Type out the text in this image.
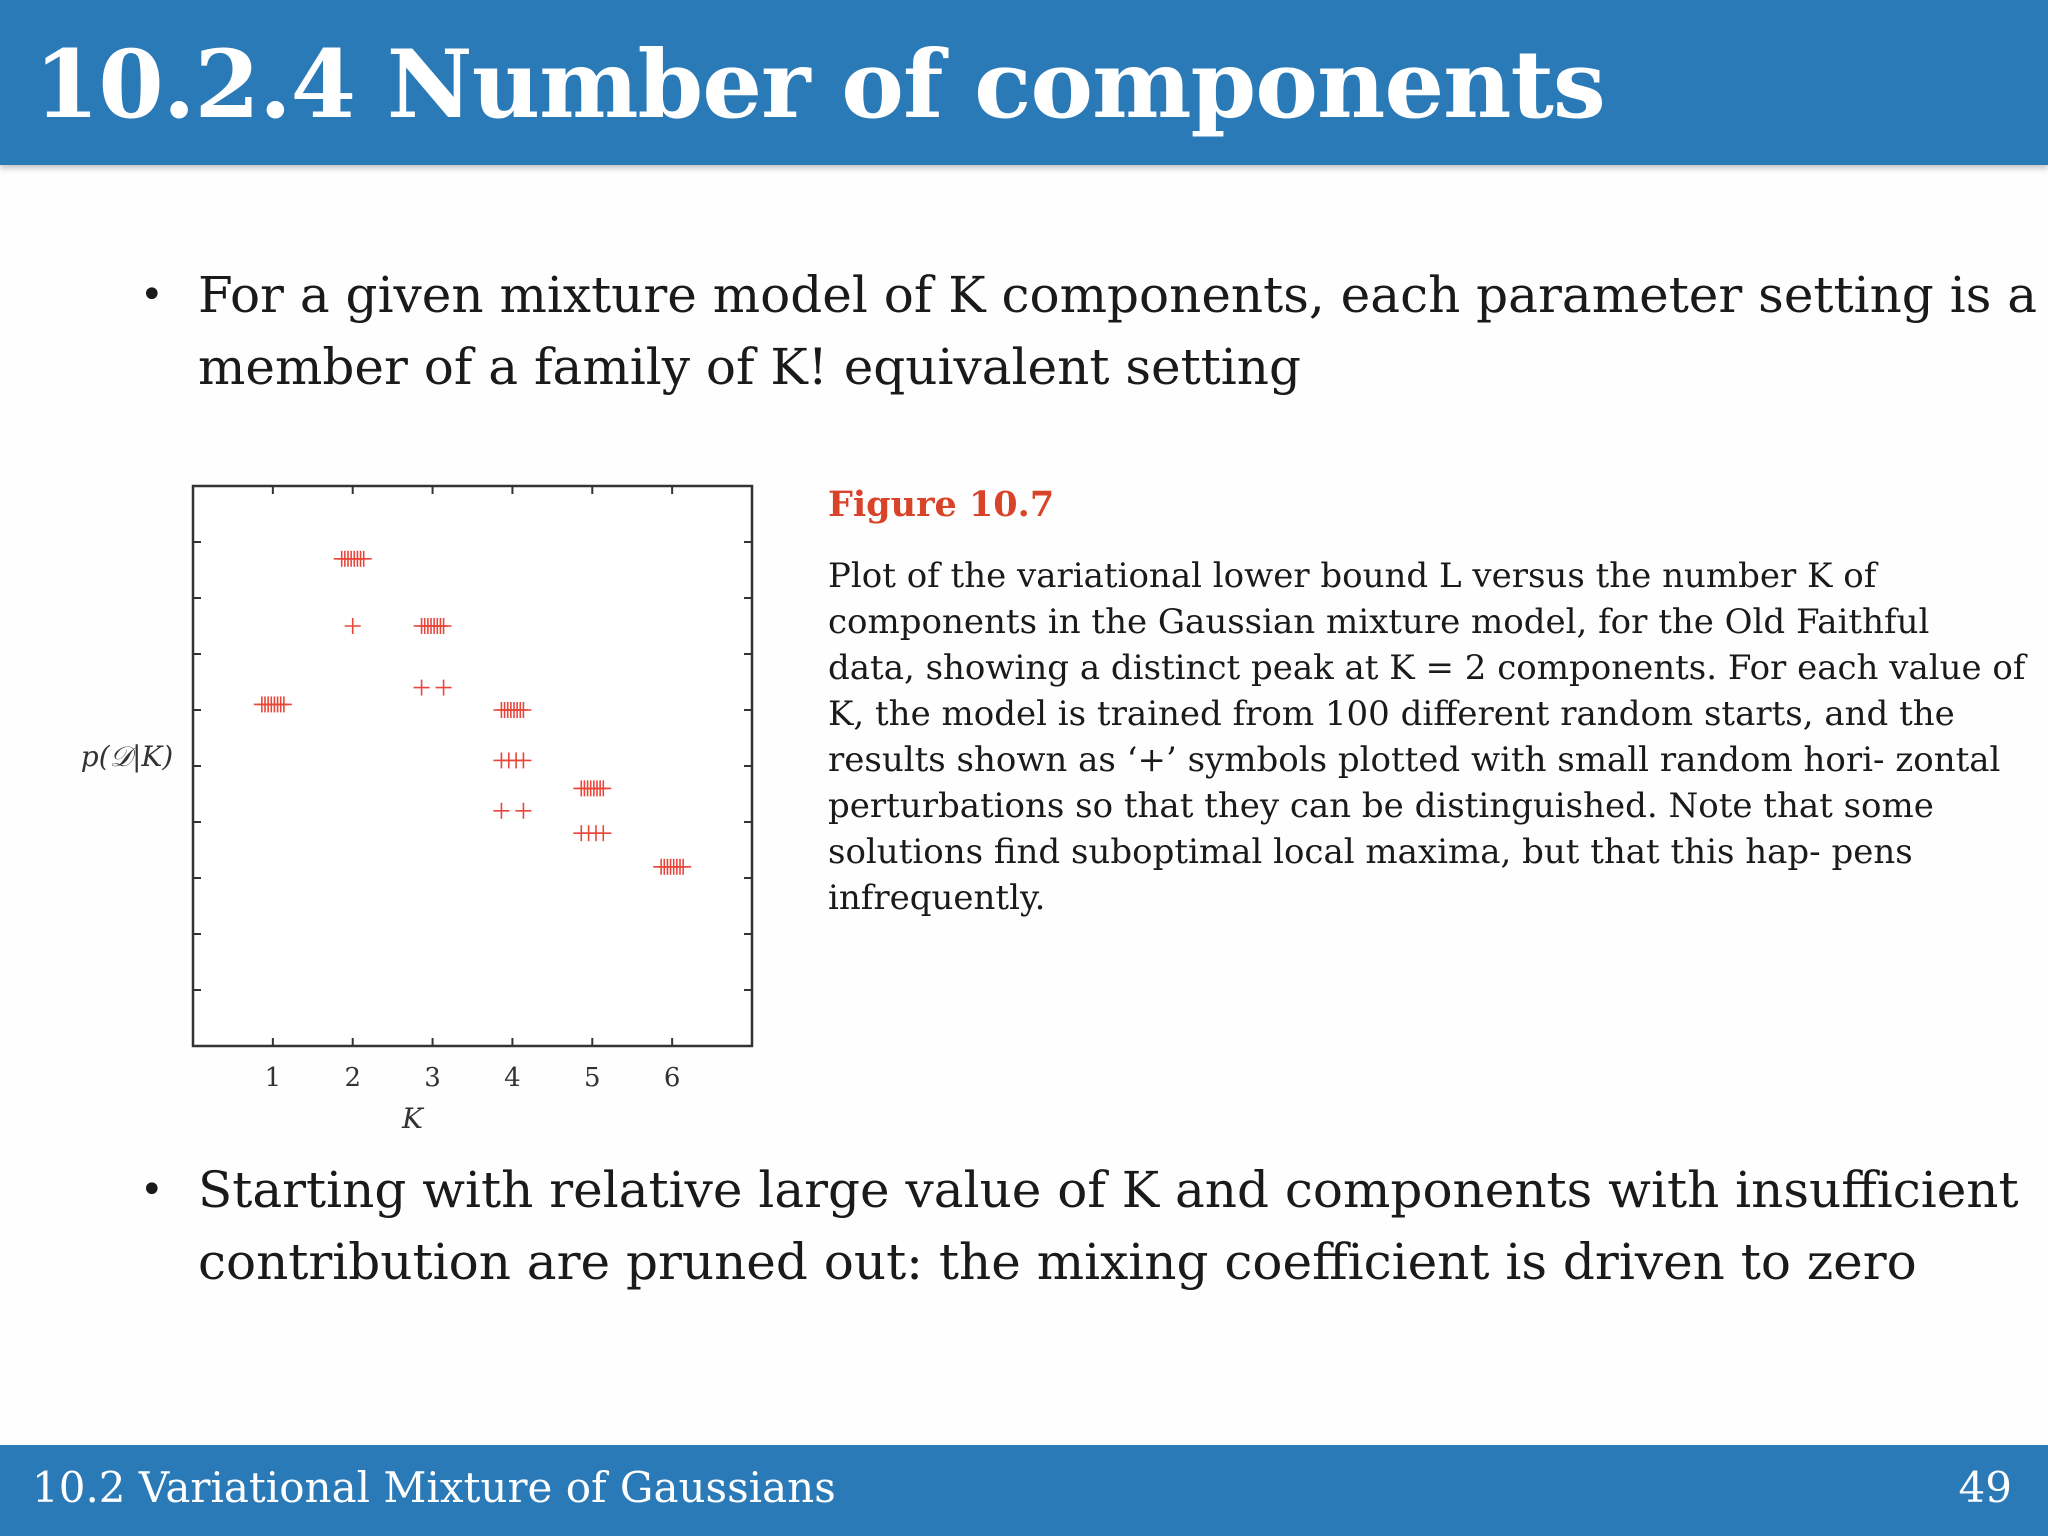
10.2.4 Number of components
• For a given mixture model of K components, each parameter setting is a
member of a family of K! equivalent setting
1 2 3 4 5 6
K
p(𝒟|K)
Figure 10.7
Plot of the variational lower bound L versus the number K of
components in the Gaussian mixture model, for the Old Faithful
data, showing a distinct peak at K = 2 components. For each value of
K, the model is trained from 100 different random starts, and the
results shown as ‘+’ symbols plotted with small random hori- zontal
perturbations so that they can be distinguished. Note that some
solutions find suboptimal local maxima, but that this hap- pens
infrequently.
• Starting with relative large value of K and components with insufficient
contribution are pruned out: the mixing coefficient is driven to zero
10.2 Variational Mixture of Gaussians	49
